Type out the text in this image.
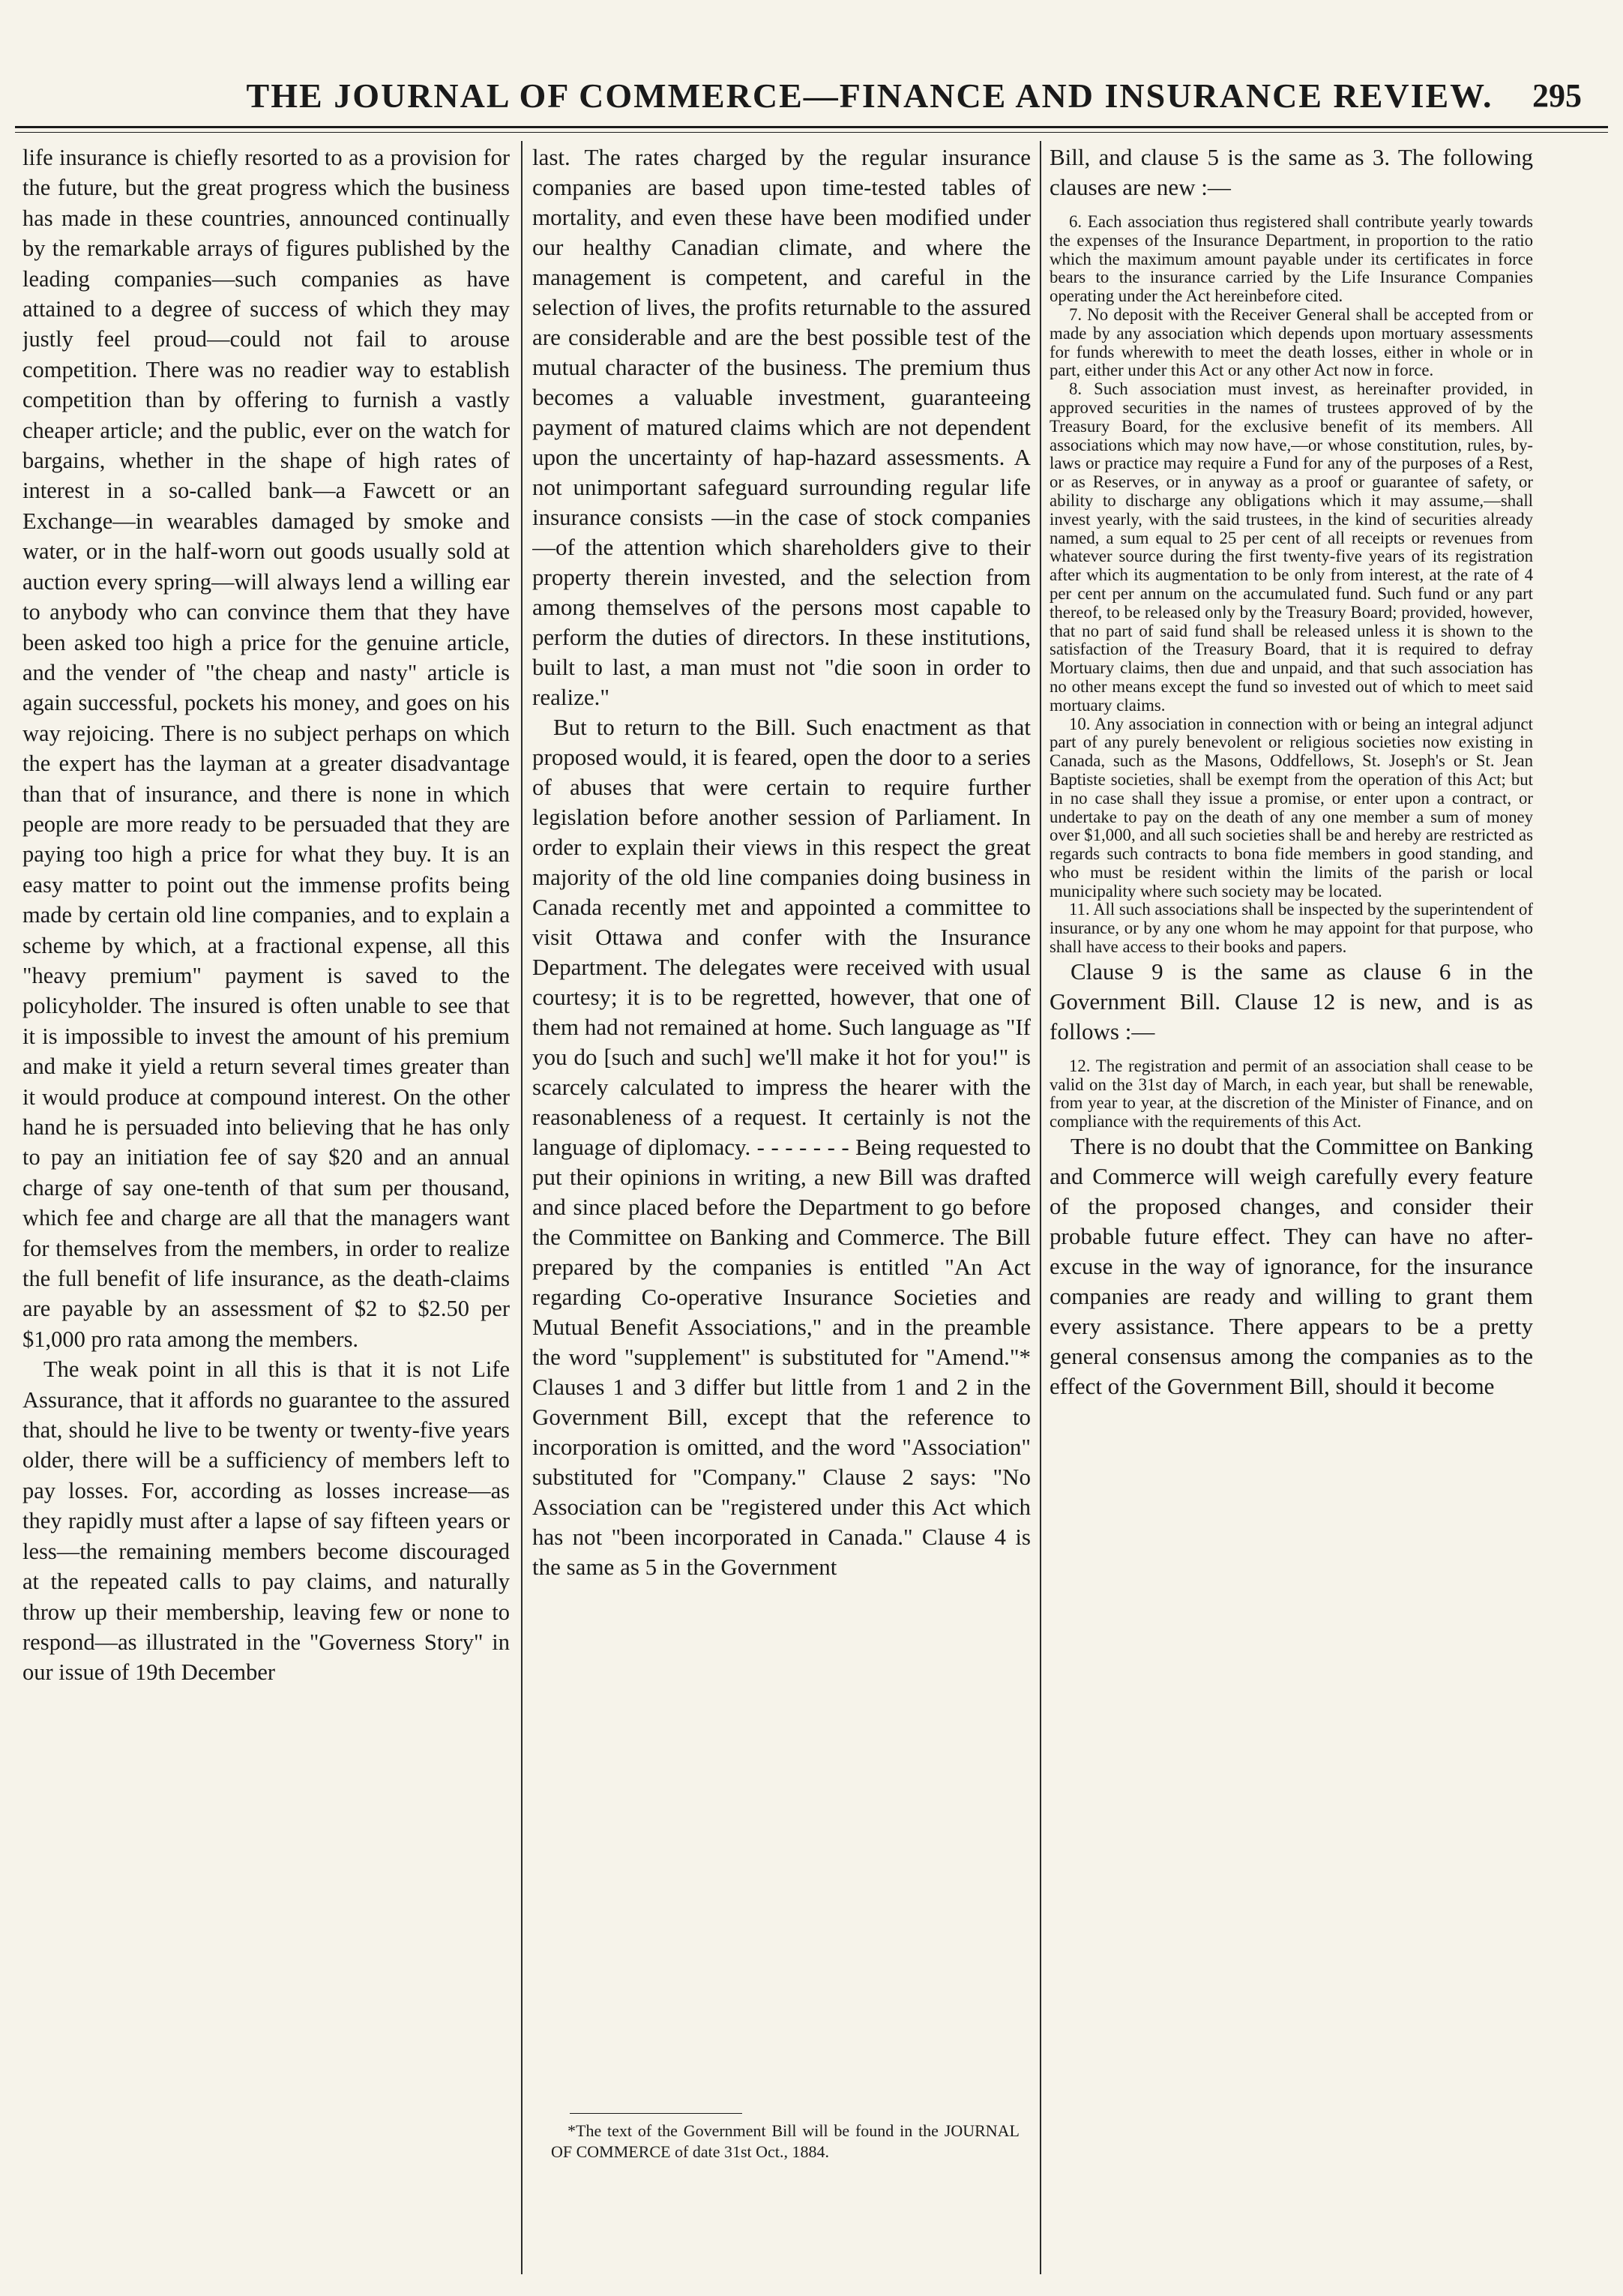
THE JOURNAL OF COMMERCE—FINANCE AND INSURANCE REVIEW.	295

life insurance is chiefly resorted to as a provision for the future, but the great progress which the business has made in these countries, announced continually by the remarkable arrays of figures published by the leading companies—such companies as have attained to a degree of success of which they may justly feel proud—could not fail to arouse competition. There was no readier way to establish competition than by offering to furnish a vastly cheaper article; and the public, ever on the watch for bargains, whether in the shape of high rates of interest in a so-called bank—a Fawcett or an Exchange—in wearables damaged by smoke and water, or in the half-worn out goods usually sold at auction every spring—will always lend a willing ear to anybody who can convince them that they have been asked too high a price for the genuine article, and the vender of "the cheap and nasty" article is again successful, pockets his money, and goes on his way rejoicing. There is no subject perhaps on which the expert has the layman at a greater disadvantage than that of insurance, and there is none in which people are more ready to be persuaded that they are paying too high a price for what they buy. It is an easy matter to point out the immense profits being made by certain old line companies, and to explain a scheme by which, at a fractional expense, all this "heavy premium" payment is saved to the policyholder. The insured is often unable to see that it is impossible to invest the amount of his premium and make it yield a return several times greater than it would produce at compound interest. On the other hand he is persuaded into believing that he has only to pay an initiation fee of say $20 and an annual charge of say one-tenth of that sum per thousand, which fee and charge are all that the managers want for themselves from the members, in order to realize the full benefit of life insurance, as the death-claims are payable by an assessment of $2 to $2.50 per $1,000 pro rata among the members.

The weak point in all this is that it is not Life Assurance, that it affords no guarantee to the assured that, should he live to be twenty or twenty-five years older, there will be a sufficiency of members left to pay losses. For, according as losses increase—as they rapidly must after a lapse of say fifteen years or less—the remaining members become discouraged at the repeated calls to pay claims, and naturally throw up their membership, leaving few or none to respond—as illustrated in the "Governess Story" in our issue of 19th December

last. The rates charged by the regular insurance companies are based upon time-tested tables of mortality, and even these have been modified under our healthy Canadian climate, and where the management is competent, and careful in the selection of lives, the profits returnable to the assured are considerable and are the best possible test of the mutual character of the business. The premium thus becomes a valuable investment, guaranteeing payment of matured claims which are not dependent upon the uncertainty of hap-hazard assessments. A not unimportant safeguard surrounding regular life insurance consists —in the case of stock companies—of the attention which shareholders give to their property therein invested, and the selection from among themselves of the persons most capable to perform the duties of directors. In these institutions, built to last, a man must not "die soon in order to realize."

But to return to the Bill. Such enactment as that proposed would, it is feared, open the door to a series of abuses that were certain to require further legislation before another session of Parliament. In order to explain their views in this respect the great majority of the old line companies doing business in Canada recently met and appointed a committee to visit Ottawa and confer with the Insurance Department. The delegates were received with usual courtesy; it is to be regretted, however, that one of them had not remained at home. Such language as "If you do [such and such] we'll make it hot for you!" is scarcely calculated to impress the hearer with the reasonableness of a request. It certainly is not the language of diplomacy. - - - - - - - Being requested to put their opinions in writing, a new Bill was drafted and since placed before the Department to go before the Committee on Banking and Commerce. The Bill prepared by the companies is entitled "An Act regarding Co-operative Insurance Societies and Mutual Benefit Associations," and in the preamble the word "supplement" is substituted for "Amend."* Clauses 1 and 3 differ but little from 1 and 2 in the Government Bill, except that the reference to incorporation is omitted, and the word "Association" substituted for "Company." Clause 2 says: "No Association can be "registered under this Act which has not "been incorporated in Canada." Clause 4 is the same as 5 in the Government

*The text of the Government Bill will be found in the JOURNAL OF COMMERCE of date 31st Oct., 1884.

Bill, and clause 5 is the same as 3. The following clauses are new :—

6. Each association thus registered shall contribute yearly towards the expenses of the Insurance Department, in proportion to the ratio which the maximum amount payable under its certificates in force bears to the insurance carried by the Life Insurance Companies operating under the Act hereinbefore cited.

7. No deposit with the Receiver General shall be accepted from or made by any association which depends upon mortuary assessments for funds wherewith to meet the death losses, either in whole or in part, either under this Act or any other Act now in force.

8. Such association must invest, as hereinafter provided, in approved securities in the names of trustees approved of by the Treasury Board, for the exclusive benefit of its members. All associations which may now have,—or whose constitution, rules, by-laws or practice may require a Fund for any of the purposes of a Rest, or as Reserves, or in anyway as a proof or guarantee of safety, or ability to discharge any obligations which it may assume,—shall invest yearly, with the said trustees, in the kind of securities already named, a sum equal to 25 per cent of all receipts or revenues from whatever source during the first twenty-five years of its registration after which its augmentation to be only from interest, at the rate of 4 per cent per annum on the accumulated fund. Such fund or any part thereof, to be released only by the Treasury Board; provided, however, that no part of said fund shall be released unless it is shown to the satisfaction of the Treasury Board, that it is required to defray Mortuary claims, then due and unpaid, and that such association has no other means except the fund so invested out of which to meet said mortuary claims.

10. Any association in connection with or being an integral adjunct part of any purely benevolent or religious societies now existing in Canada, such as the Masons, Oddfellows, St. Joseph's or St. Jean Baptiste societies, shall be exempt from the operation of this Act; but in no case shall they issue a promise, or enter upon a contract, or undertake to pay on the death of any one member a sum of money over $1,000, and all such societies shall be and hereby are restricted as regards such contracts to bona fide members in good standing, and who must be resident within the limits of the parish or local municipality where such society may be located.

11. All such associations shall be inspected by the superintendent of insurance, or by any one whom he may appoint for that purpose, who shall have access to their books and papers.

Clause 9 is the same as clause 6 in the Government Bill. Clause 12 is new, and is as follows :—

12. The registration and permit of an association shall cease to be valid on the 31st day of March, in each year, but shall be renewable, from year to year, at the discretion of the Minister of Finance, and on compliance with the requirements of this Act.

There is no doubt that the Committee on Banking and Commerce will weigh carefully every feature of the proposed changes, and consider their probable future effect. They can have no after-excuse in the way of ignorance, for the insurance companies are ready and willing to grant them every assistance. There appears to be a pretty general consensus among the companies as to the effect of the Government Bill, should it become
